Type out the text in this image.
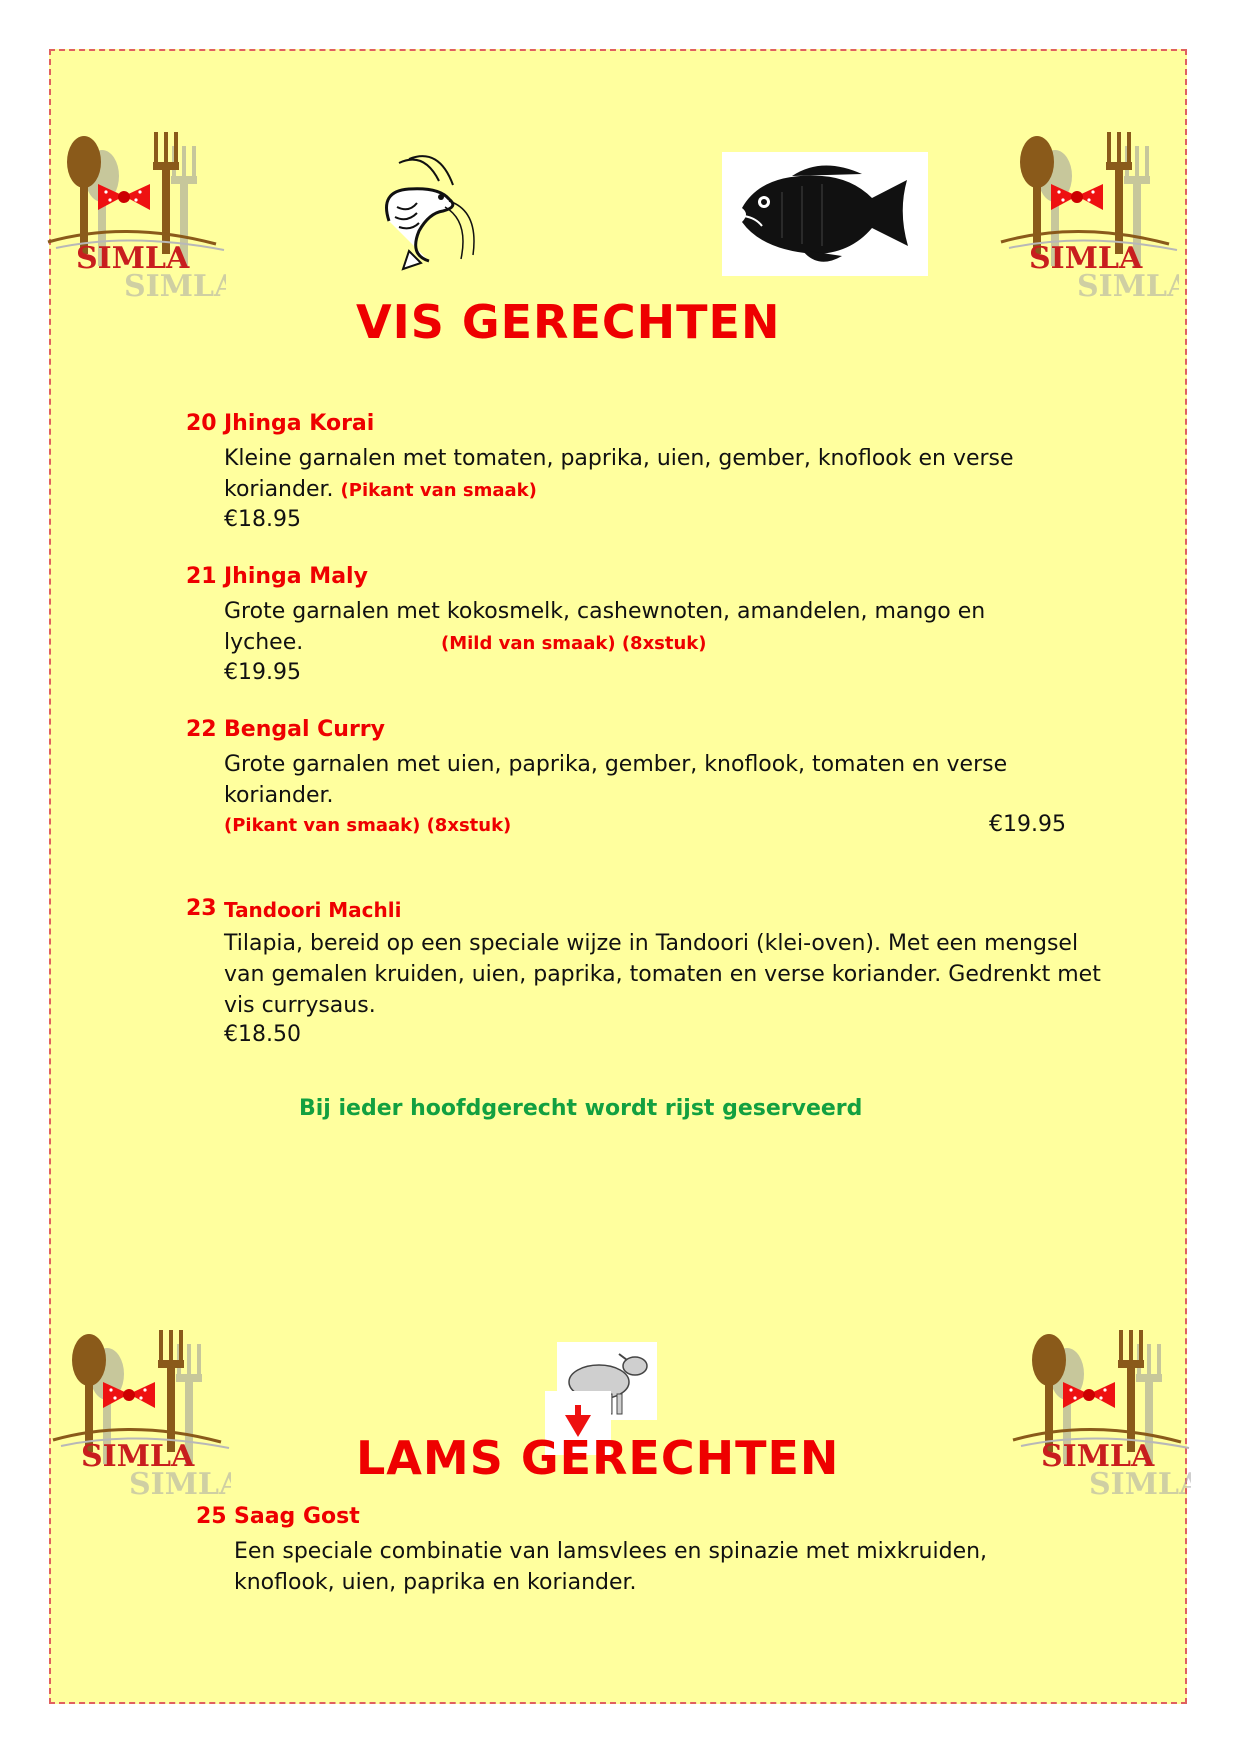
VIS GERECHTEN
20 Jhinga Korai
Kleine garnalen met tomaten, paprika, uien, gember, knoflook en verse koriander. (Pikant van smaak)
€18.95
21 Jhinga Maly
Grote garnalen met kokosmelk, cashewnoten, amandelen, mango en
lychee.	(Mild van smaak) (8xstuk)
€19.95
22 Bengal Curry
Grote garnalen met uien, paprika, gember, knoflook, tomaten en verse koriander.
(Pikant van smaak) (8xstuk)	€19.95
23 Tandoori Machli
Tilapia, bereid op een speciale wijze in Tandoori (klei-oven). Met een mengsel van gemalen kruiden, uien, paprika, tomaten en verse koriander. Gedrenkt met vis currysaus.
€18.50
Bij ieder hoofdgerecht wordt rijst geserveerd
LAMS GERECHTEN
25 Saag Gost
Een speciale combinatie van lamsvlees en spinazie met mixkruiden, knoflook, uien, paprika en koriander.
